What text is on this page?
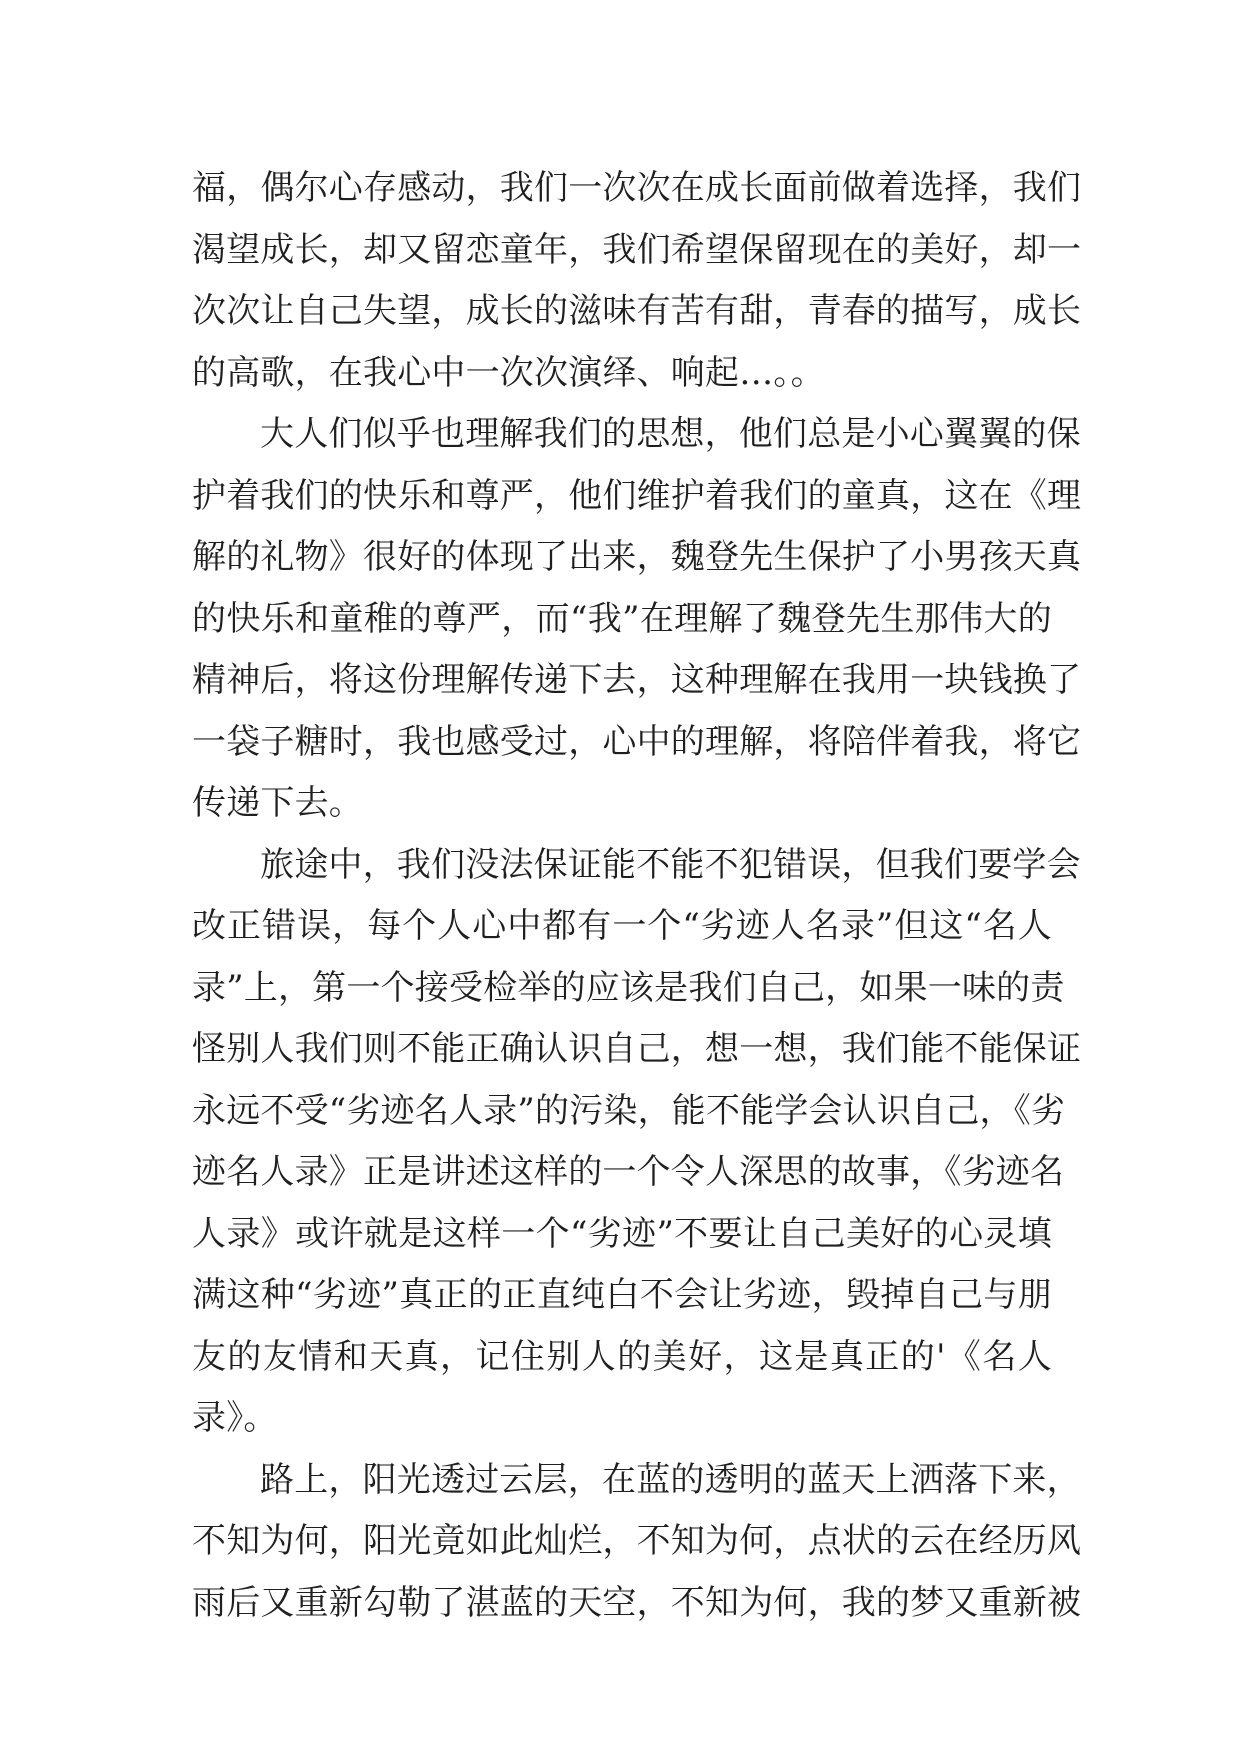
福，偶尔心存感动，我们一次次在成长面前做着选择，我们
渴望成长，却又留恋童年，我们希望保留现在的美好，却一
次次让自己失望，成长的滋味有苦有甜，青春的描写，成长
的高歌，在我心中一次次演绎、响起…。。
大人们似乎也理解我们的思想，他们总是小心翼翼的保
护着我们的快乐和尊严，他们维护着我们的童真，这在《理
解的礼物》很好的体现了出来，魏登先生保护了小男孩天真
的快乐和童稚的尊严，而“我”在理解了魏登先生那伟大的
精神后，将这份理解传递下去，这种理解在我用一块钱换了
一袋子糖时，我也感受过，心中的理解，将陪伴着我，将它
传递下去。
旅途中，我们没法保证能不能不犯错误，但我们要学会
改正错误，每个人心中都有一个“劣迹人名录”但这“名人
录”上，第一个接受检举的应该是我们自己，如果一味的责
怪别人我们则不能正确认识自己，想一想，我们能不能保证
永远不受“劣迹名人录”的污染，能不能学会认识自己，《劣
迹名人录》正是讲述这样的一个令人深思的故事，《劣迹名
人录》或许就是这样一个“劣迹”不要让自己美好的心灵填
满这种“劣迹”真正的正直纯白不会让劣迹，毁掉自己与朋
友的友情和天真，记住别人的美好，这是真正的'《名人
录》。
路上，阳光透过云层，在蓝的透明的蓝天上洒落下来，
不知为何，阳光竟如此灿烂，不知为何，点状的云在经历风
雨后又重新勾勒了湛蓝的天空，不知为何，我的梦又重新被
